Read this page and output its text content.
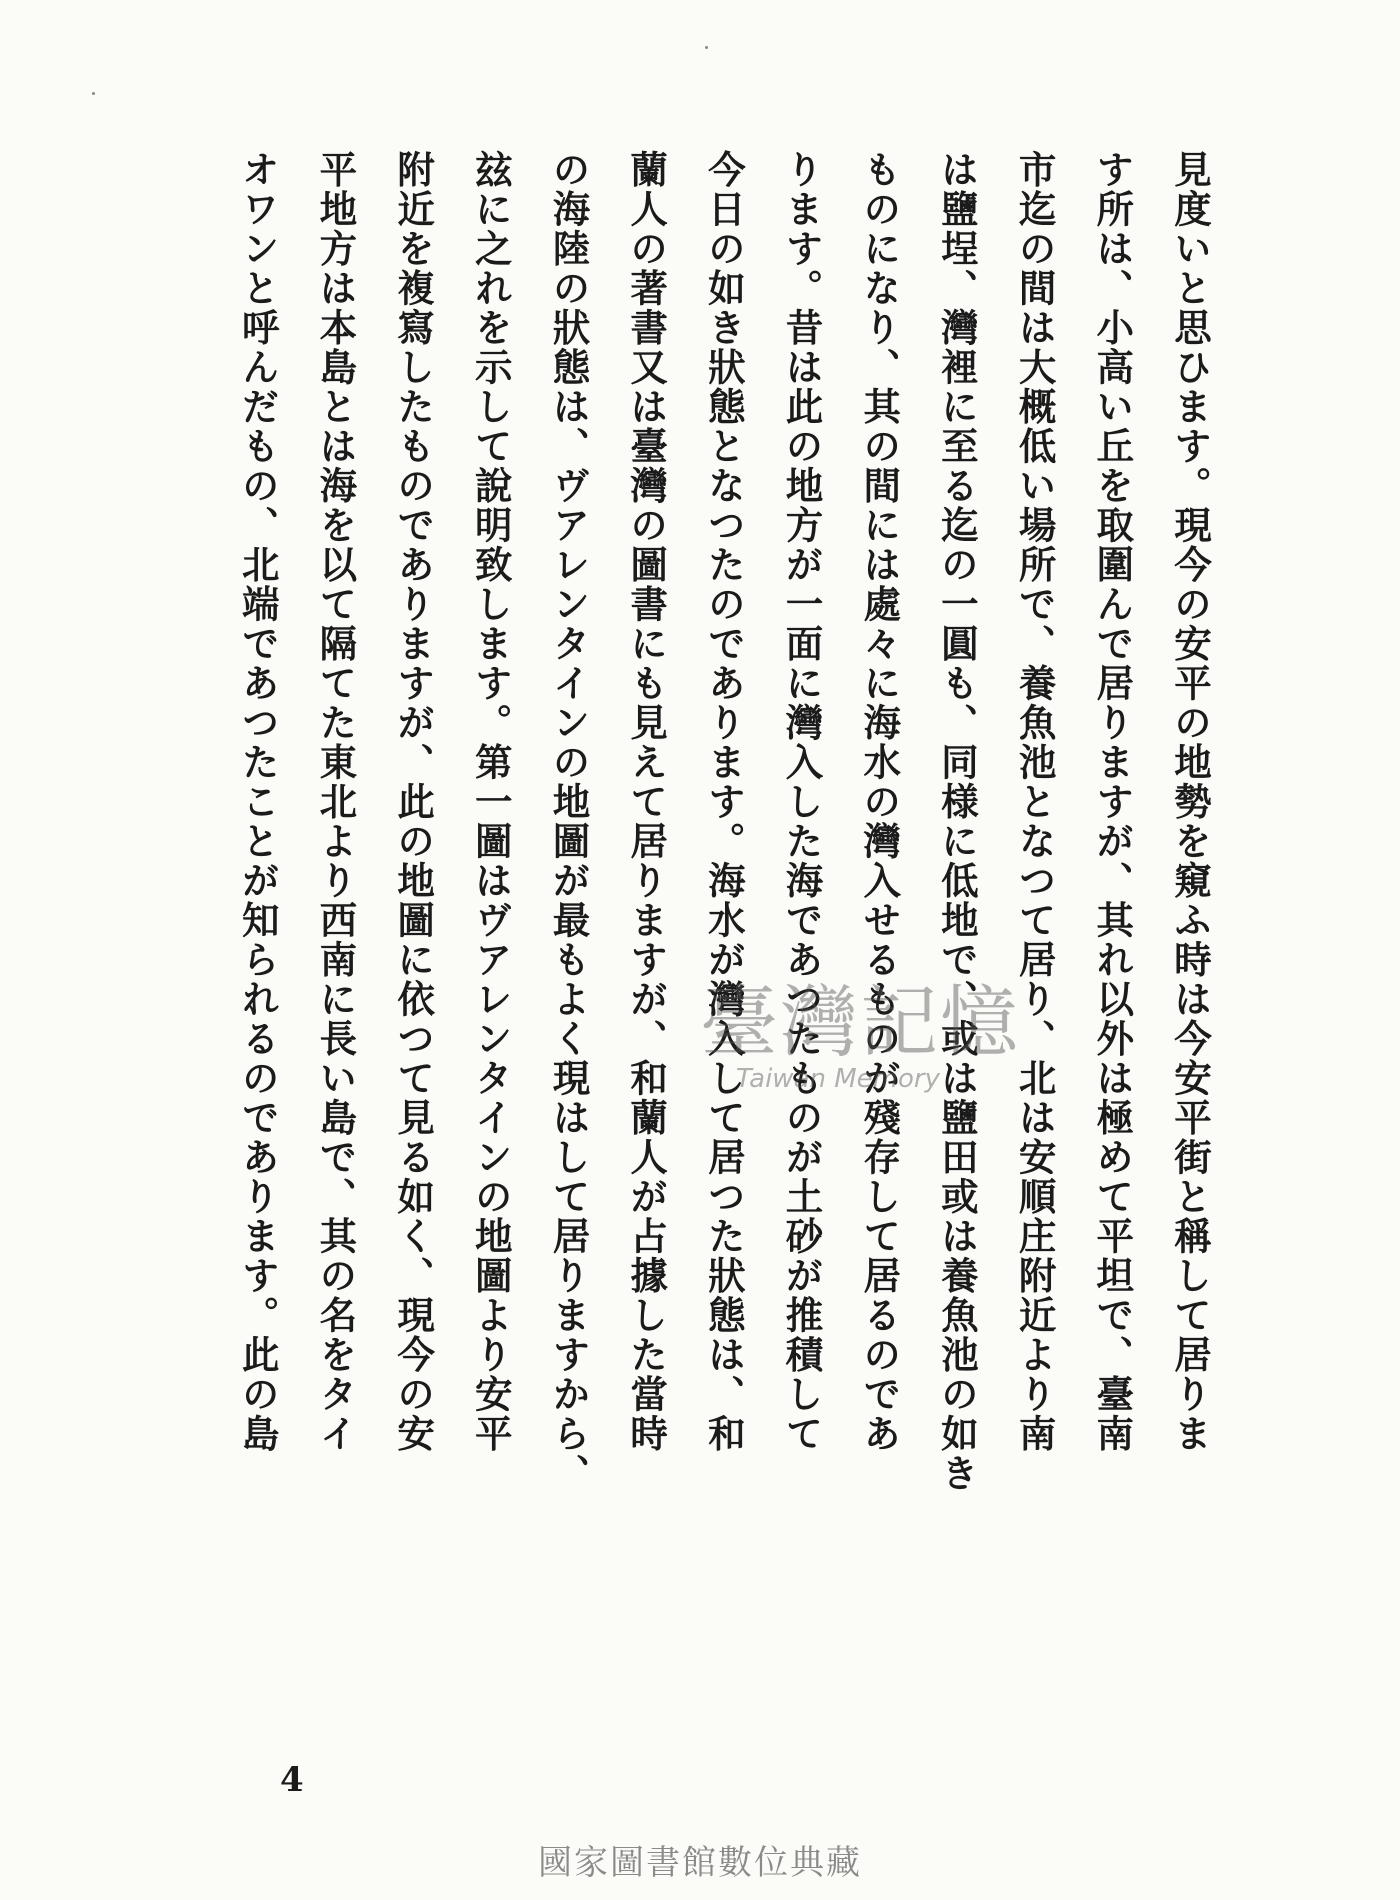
見度いと思ひます。現今の安平の地勢を窺ふ時は今安平街と稱して居りま
す所は、小高い丘を取圍んで居りますが、其れ以外は極めて平坦で、臺南
市迄の間は大概低い場所で、養魚池となつて居り、北は安順庄附近より南
は鹽埕、灣裡に至る迄の一圓も、同様に低地で、或は鹽田或は養魚池の如き
ものになり、其の間には處々に海水の灣入せるものが殘存して居るのであ
ります。昔は此の地方が一面に灣入した海であつたものが土砂が推積して
今日の如き狀態となつたのであります。海水が灣入して居つた狀態は、和
蘭人の著書又は臺灣の圖書にも見えて居りますが、和蘭人が占據した當時
の海陸の狀態は、ヴアレンタインの地圖が最もよく現はして居りますから、
玆に之れを示して說明致します。第一圖はヴアレンタインの地圖より安平
附近を複寫したものでありますが、此の地圖に依つて見る如く、現今の安
平地方は本島とは海を以て隔てた東北より西南に長い島で、其の名をタイ
オワンと呼んだもの、北端であつたことが知られるのであります。此の島	臺灣記憶
Taiwan Memory
4
國家圖書館數位典藏
